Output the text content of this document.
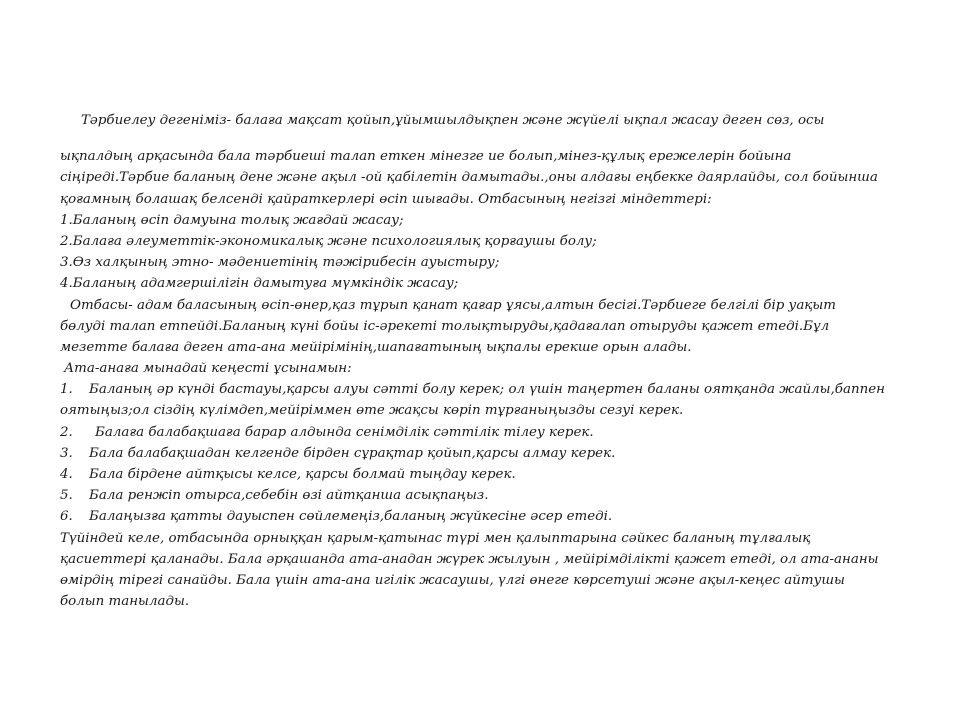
Тәрбиелеу дегеніміз- балаға мақсат қойып,ұйымшылдықпен және жүйелі ықпал жасау деген сөз, осы
ықпалдың арқасында бала тәрбиеші талап еткен мінезге ие болып,мінез-құлық ережелерін бойына
сіңіреді.Тәрбие баланың дене және ақыл -ой қабілетін дамытады.,оны алдағы еңбекке даярлайды, сол бойынша
қоғамның болашақ белсенді қайраткерлері өсіп шығады. Отбасының негізгі міндеттері:
1.Баланың өсіп дамуына толық жағдай жасау;
2.Балаға әлеуметтік-экономикалық және психологиялық қорғаушы болу;
3.Өз халқының этно- мәдениетінің тәжірибесін ауыстыру;
4.Баланың адамгершілігін дамытуға мүмкіндік жасау;
Отбасы- адам баласының өсіп-өнер,қаз тұрып қанат қағар ұясы,алтын бесігі.Тәрбиеге белгілі бір уақыт
бөлуді талап етпейді.Баланың күні бойы іс-әрекеті толықтыруды,қадағалап отыруды қажет етеді.Бұл
мезетте балаға деген ата-ана мейірімінің,шапағатының ықпалы ерекше орын алады.
Ата-анаға мынадай кеңесті ұсынамын:
1. Баланың әр күнді бастауы,қарсы алуы сәтті болу керек; ол үшін таңертен баланы оятқанда жайлы,баппен
оятыңыз;ол сіздің күлімдеп,мейіріммен өте жақсы көріп тұрғаныңызды сезуі керек.
2. Балаға балабақшаға барар алдында сенімділік сәттілік тілеу керек.
3. Бала балабақшадан келгенде бірден сұрақтар қойып,қарсы алмау керек.
4. Бала бірдене айтқысы келсе, қарсы болмай тыңдау керек.
5. Бала ренжіп отырса,себебін өзі айтқанша асықпаңыз.
6. Балаңызға қатты дауыспен сөйлемеңіз,баланың жүйкесіне әсер етеді.
Түйіндей келе, отбасында орныққан қарым-қатынас түрі мен қалыптарына сәйкес баланың тұлғалық
қасиеттері қаланады. Бала әрқашанда ата-анадан жүрек жылуын , мейірімділікті қажет етеді, ол ата-ананы
өмірдің тірегі санайды. Бала үшін ата-ана игілік жасаушы, үлгі өнеге көрсетуші және ақыл-кеңес айтушы
болып танылады.
